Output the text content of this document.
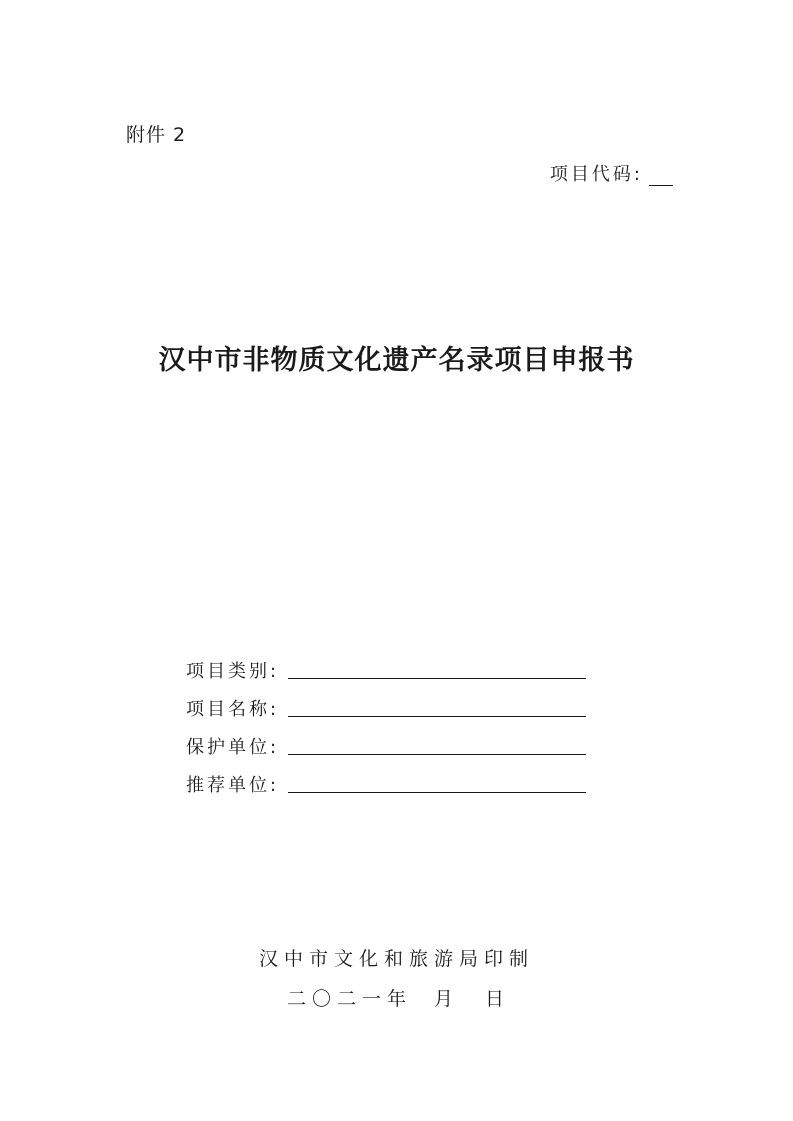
附件 2
项目代码:
汉中市非物质文化遗产名录项目申报书
项目类别:
项目名称:
保护单位:
推荐单位:
汉中市文化和旅游局印制
二〇二一年 月 日
